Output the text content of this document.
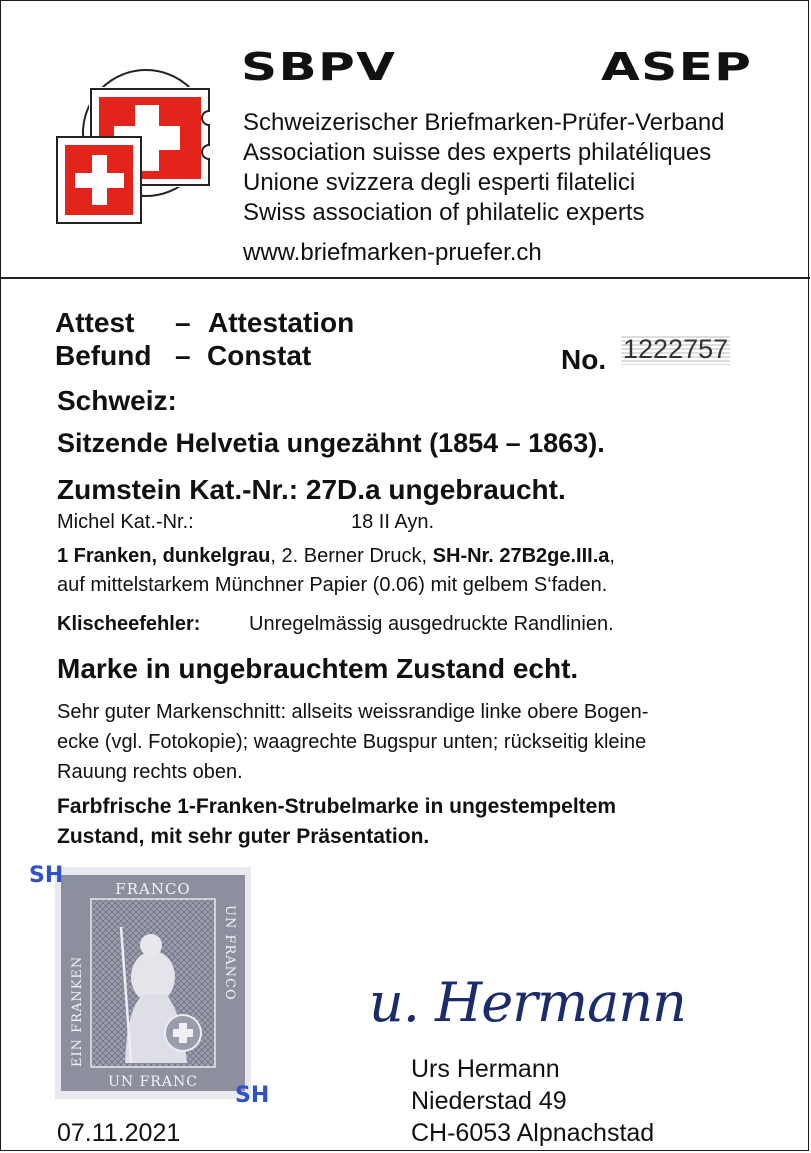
SBPV	ASEP
Schweizerischer Briefmarken-Prüfer-Verband
Association suisse des experts philatéliques
Unione svizzera degli esperti filatelici
Swiss association of philatelic experts
www.briefmarken-pruefer.ch
Attest – Attestation
Befund – Constat	No. 1222757
Schweiz:
Sitzende Helvetia ungezähnt (1854 – 1863).
Zumstein Kat.-Nr.: 27D.a ungebraucht.
Michel Kat.-Nr.:	18 II Ayn.
1 Franken, dunkelgrau, 2. Berner Druck, SH-Nr. 27B2ge.III.a,
auf mittelstarkem Münchner Papier (0.06) mit gelbem S‘faden.
Klischeefehler: Unregelmässig ausgedruckte Randlinien.
Marke in ungebrauchtem Zustand echt.
Sehr guter Markenschnitt: allseits weissrandige linke obere Bogen-
ecke (vgl. Fotokopie); waagrechte Bugspur unten; rückseitig kleine
Rauung rechts oben.
Farbfrische 1-Franken-Strubelmarke in ungestempeltem
Zustand, mit sehr guter Präsentation.
FRANCO
UN FRANC
EIN FRANKEN
UN FRANCO
SH
SH
u. Hermann
Urs Hermann
Niederstad 49
CH-6053 Alpnachstad
07.11.2021
